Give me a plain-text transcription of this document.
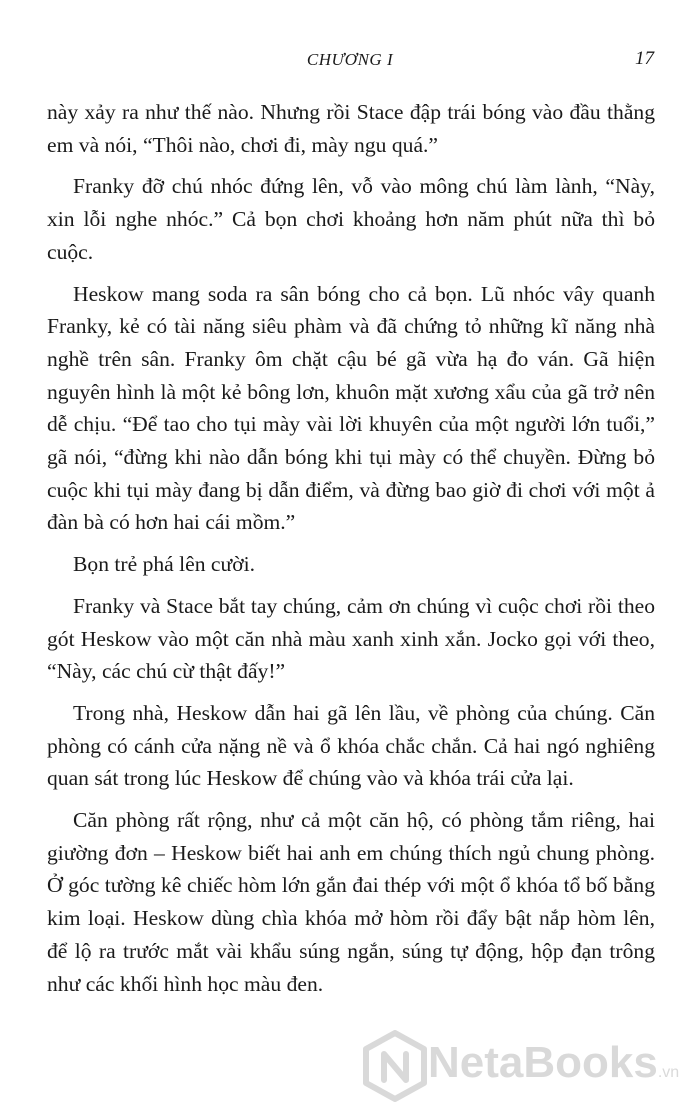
CHƯƠNG I	17

này xảy ra như thế nào. Nhưng rồi Stace đập trái bóng vào đầu thằng em và nói, “Thôi nào, chơi đi, mày ngu quá.”

Franky đỡ chú nhóc đứng lên, vỗ vào mông chú làm lành, “Này, xin lỗi nghe nhóc.” Cả bọn chơi khoảng hơn năm phút nữa thì bỏ cuộc.

Heskow mang soda ra sân bóng cho cả bọn. Lũ nhóc vây quanh Franky, kẻ có tài năng siêu phàm và đã chứng tỏ những kĩ năng nhà nghề trên sân. Franky ôm chặt cậu bé gã vừa hạ đo ván. Gã hiện nguyên hình là một kẻ bông lơn, khuôn mặt xương xẩu của gã trở nên dễ chịu. “Để tao cho tụi mày vài lời khuyên của một người lớn tuổi,” gã nói, “đừng khi nào dẫn bóng khi tụi mày có thể chuyền. Đừng bỏ cuộc khi tụi mày đang bị dẫn điểm, và đừng bao giờ đi chơi với một ả đàn bà có hơn hai cái mồm.”

Bọn trẻ phá lên cười.

Franky và Stace bắt tay chúng, cảm ơn chúng vì cuộc chơi rồi theo gót Heskow vào một căn nhà màu xanh xinh xắn. Jocko gọi với theo, “Này, các chú cừ thật đấy!”

Trong nhà, Heskow dẫn hai gã lên lầu, về phòng của chúng. Căn phòng có cánh cửa nặng nề và ổ khóa chắc chắn. Cả hai ngó nghiêng quan sát trong lúc Heskow để chúng vào và khóa trái cửa lại.

Căn phòng rất rộng, như cả một căn hộ, có phòng tắm riêng, hai giường đơn – Heskow biết hai anh em chúng thích ngủ chung phòng. Ở góc tường kê chiếc hòm lớn gắn đai thép với một ổ khóa tổ bố bằng kim loại. Heskow dùng chìa khóa mở hòm rồi đẩy bật nắp hòm lên, để lộ ra trước mắt vài khẩu súng ngắn, súng tự động, hộp đạn trông như các khối hình học màu đen.

NetaBooks.vn
